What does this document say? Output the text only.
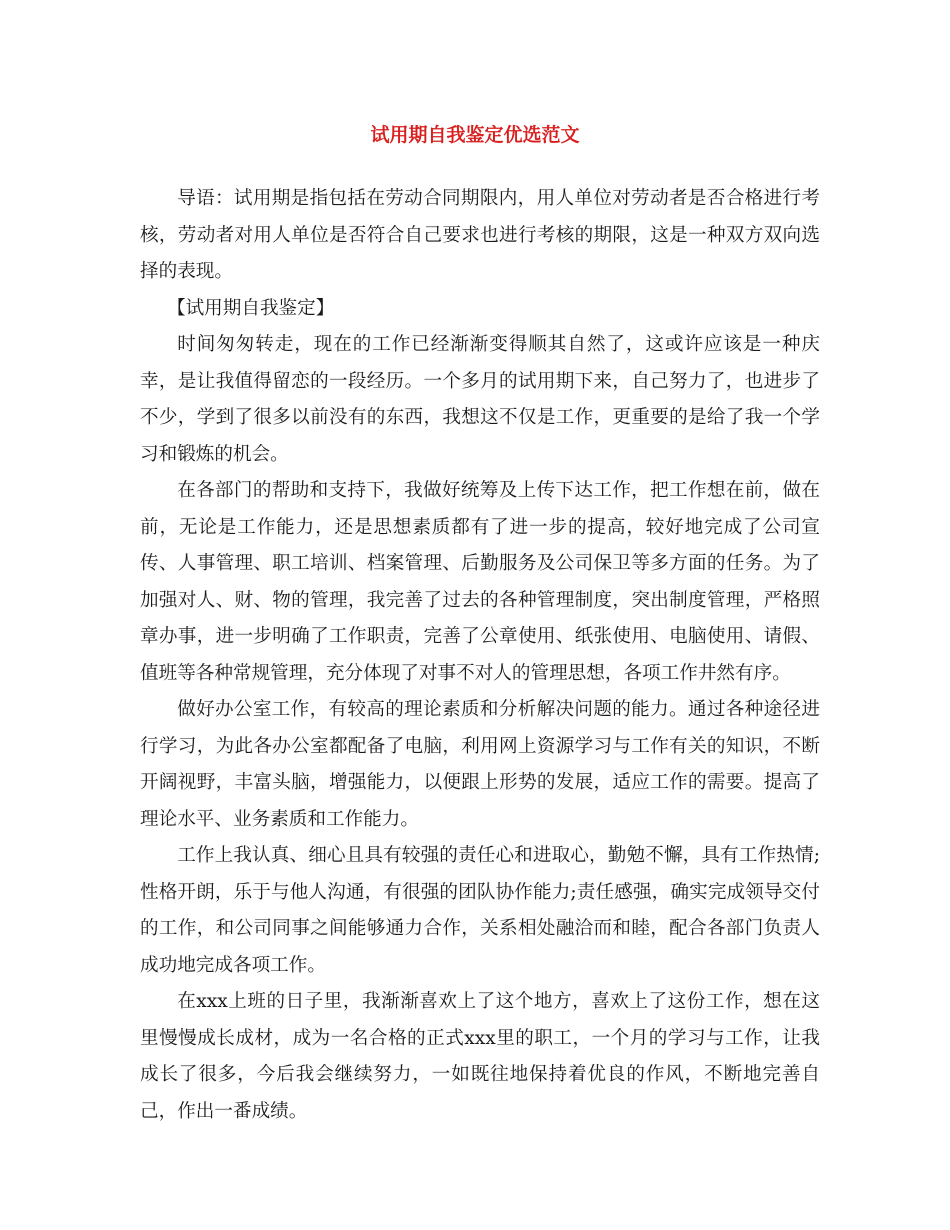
试用期自我鉴定优选范文

导语：试用期是指包括在劳动合同期限内，用人单位对劳动者是否合格进行考核，劳动者对用人单位是否符合自己要求也进行考核的期限，这是一种双方双向选择的表现。

【试用期自我鉴定】

时间匆匆转走，现在的工作已经渐渐变得顺其自然了，这或许应该是一种庆幸，是让我值得留恋的一段经历。一个多月的试用期下来，自己努力了，也进步了不少，学到了很多以前没有的东西，我想这不仅是工作，更重要的是给了我一个学习和锻炼的机会。

在各部门的帮助和支持下，我做好统筹及上传下达工作，把工作想在前，做在前，无论是工作能力，还是思想素质都有了进一步的提高，较好地完成了公司宣传、人事管理、职工培训、档案管理、后勤服务及公司保卫等多方面的任务。为了加强对人、财、物的管理，我完善了过去的各种管理制度，突出制度管理，严格照章办事，进一步明确了工作职责，完善了公章使用、纸张使用、电脑使用、请假、值班等各种常规管理，充分体现了对事不对人的管理思想，各项工作井然有序。

做好办公室工作，有较高的理论素质和分析解决问题的能力。通过各种途径进行学习，为此各办公室都配备了电脑，利用网上资源学习与工作有关的知识，不断开阔视野，丰富头脑，增强能力，以便跟上形势的发展，适应工作的需要。提高了理论水平、业务素质和工作能力。

工作上我认真、细心且具有较强的责任心和进取心，勤勉不懈，具有工作热情;性格开朗，乐于与他人沟通，有很强的团队协作能力;责任感强，确实完成领导交付的工作，和公司同事之间能够通力合作，关系相处融洽而和睦，配合各部门负责人成功地完成各项工作。

在xxx上班的日子里，我渐渐喜欢上了这个地方，喜欢上了这份工作，想在这里慢慢成长成材，成为一名合格的正式xxx里的职工，一个月的学习与工作，让我成长了很多，今后我会继续努力，一如既往地保持着优良的作风，不断地完善自己，作出一番成绩。
